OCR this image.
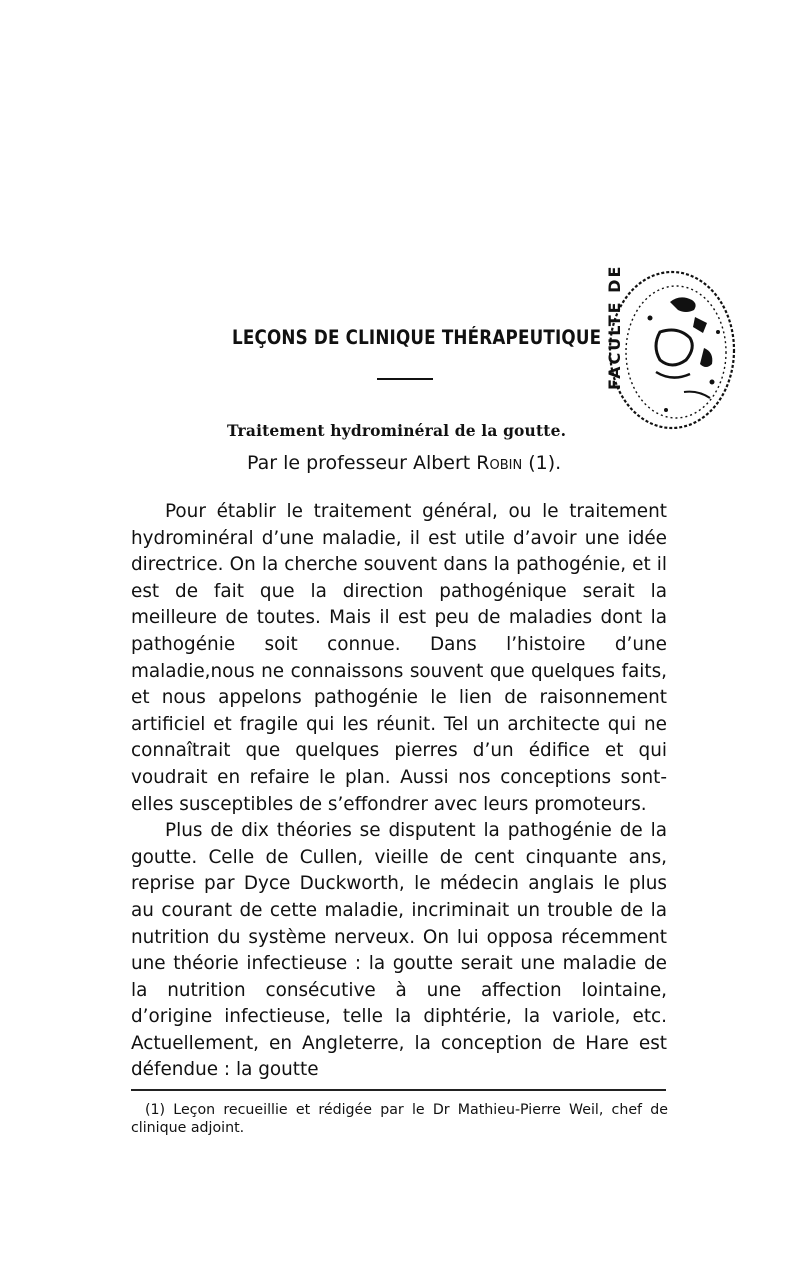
FACULTE DE
LEÇONS DE CLINIQUE THÉRAPEUTIQUE
Traitement hydrominéral de la goutte.
Par le professeur Albert Robin (1).

Pour établir le traitement général, ou le traitement hydrominéral d’une maladie, il est utile d’avoir une idée directrice. On la cherche souvent dans la pathogénie, et il est de fait que la direction pathogénique serait la meilleure de toutes. Mais il est peu de maladies dont la pathogénie soit connue. Dans l’histoire d’une maladie,nous ne connaissons souvent que quelques faits, et nous appelons pathogénie le lien de raisonnement artificiel et fragile qui les réunit. Tel un architecte qui ne connaîtrait que quelques pierres d’un édifice et qui voudrait en refaire le plan. Aussi nos conceptions sont-elles susceptibles de s’effondrer avec leurs promoteurs.

Plus de dix théories se disputent la pathogénie de la goutte. Celle de Cullen, vieille de cent cinquante ans, reprise par Dyce Duckworth, le médecin anglais le plus au courant de cette maladie, incriminait un trouble de la nutrition du système nerveux. On lui opposa récemment une théorie infectieuse : la goutte serait une maladie de la nutrition consécutive à une affection lointaine, d’origine infectieuse, telle la diphtérie, la variole, etc. Actuellement, en Angleterre, la conception de Hare est défendue : la goutte

(1) Leçon recueillie et rédigée par le Dr Mathieu-Pierre Weil, chef de clinique adjoint.
